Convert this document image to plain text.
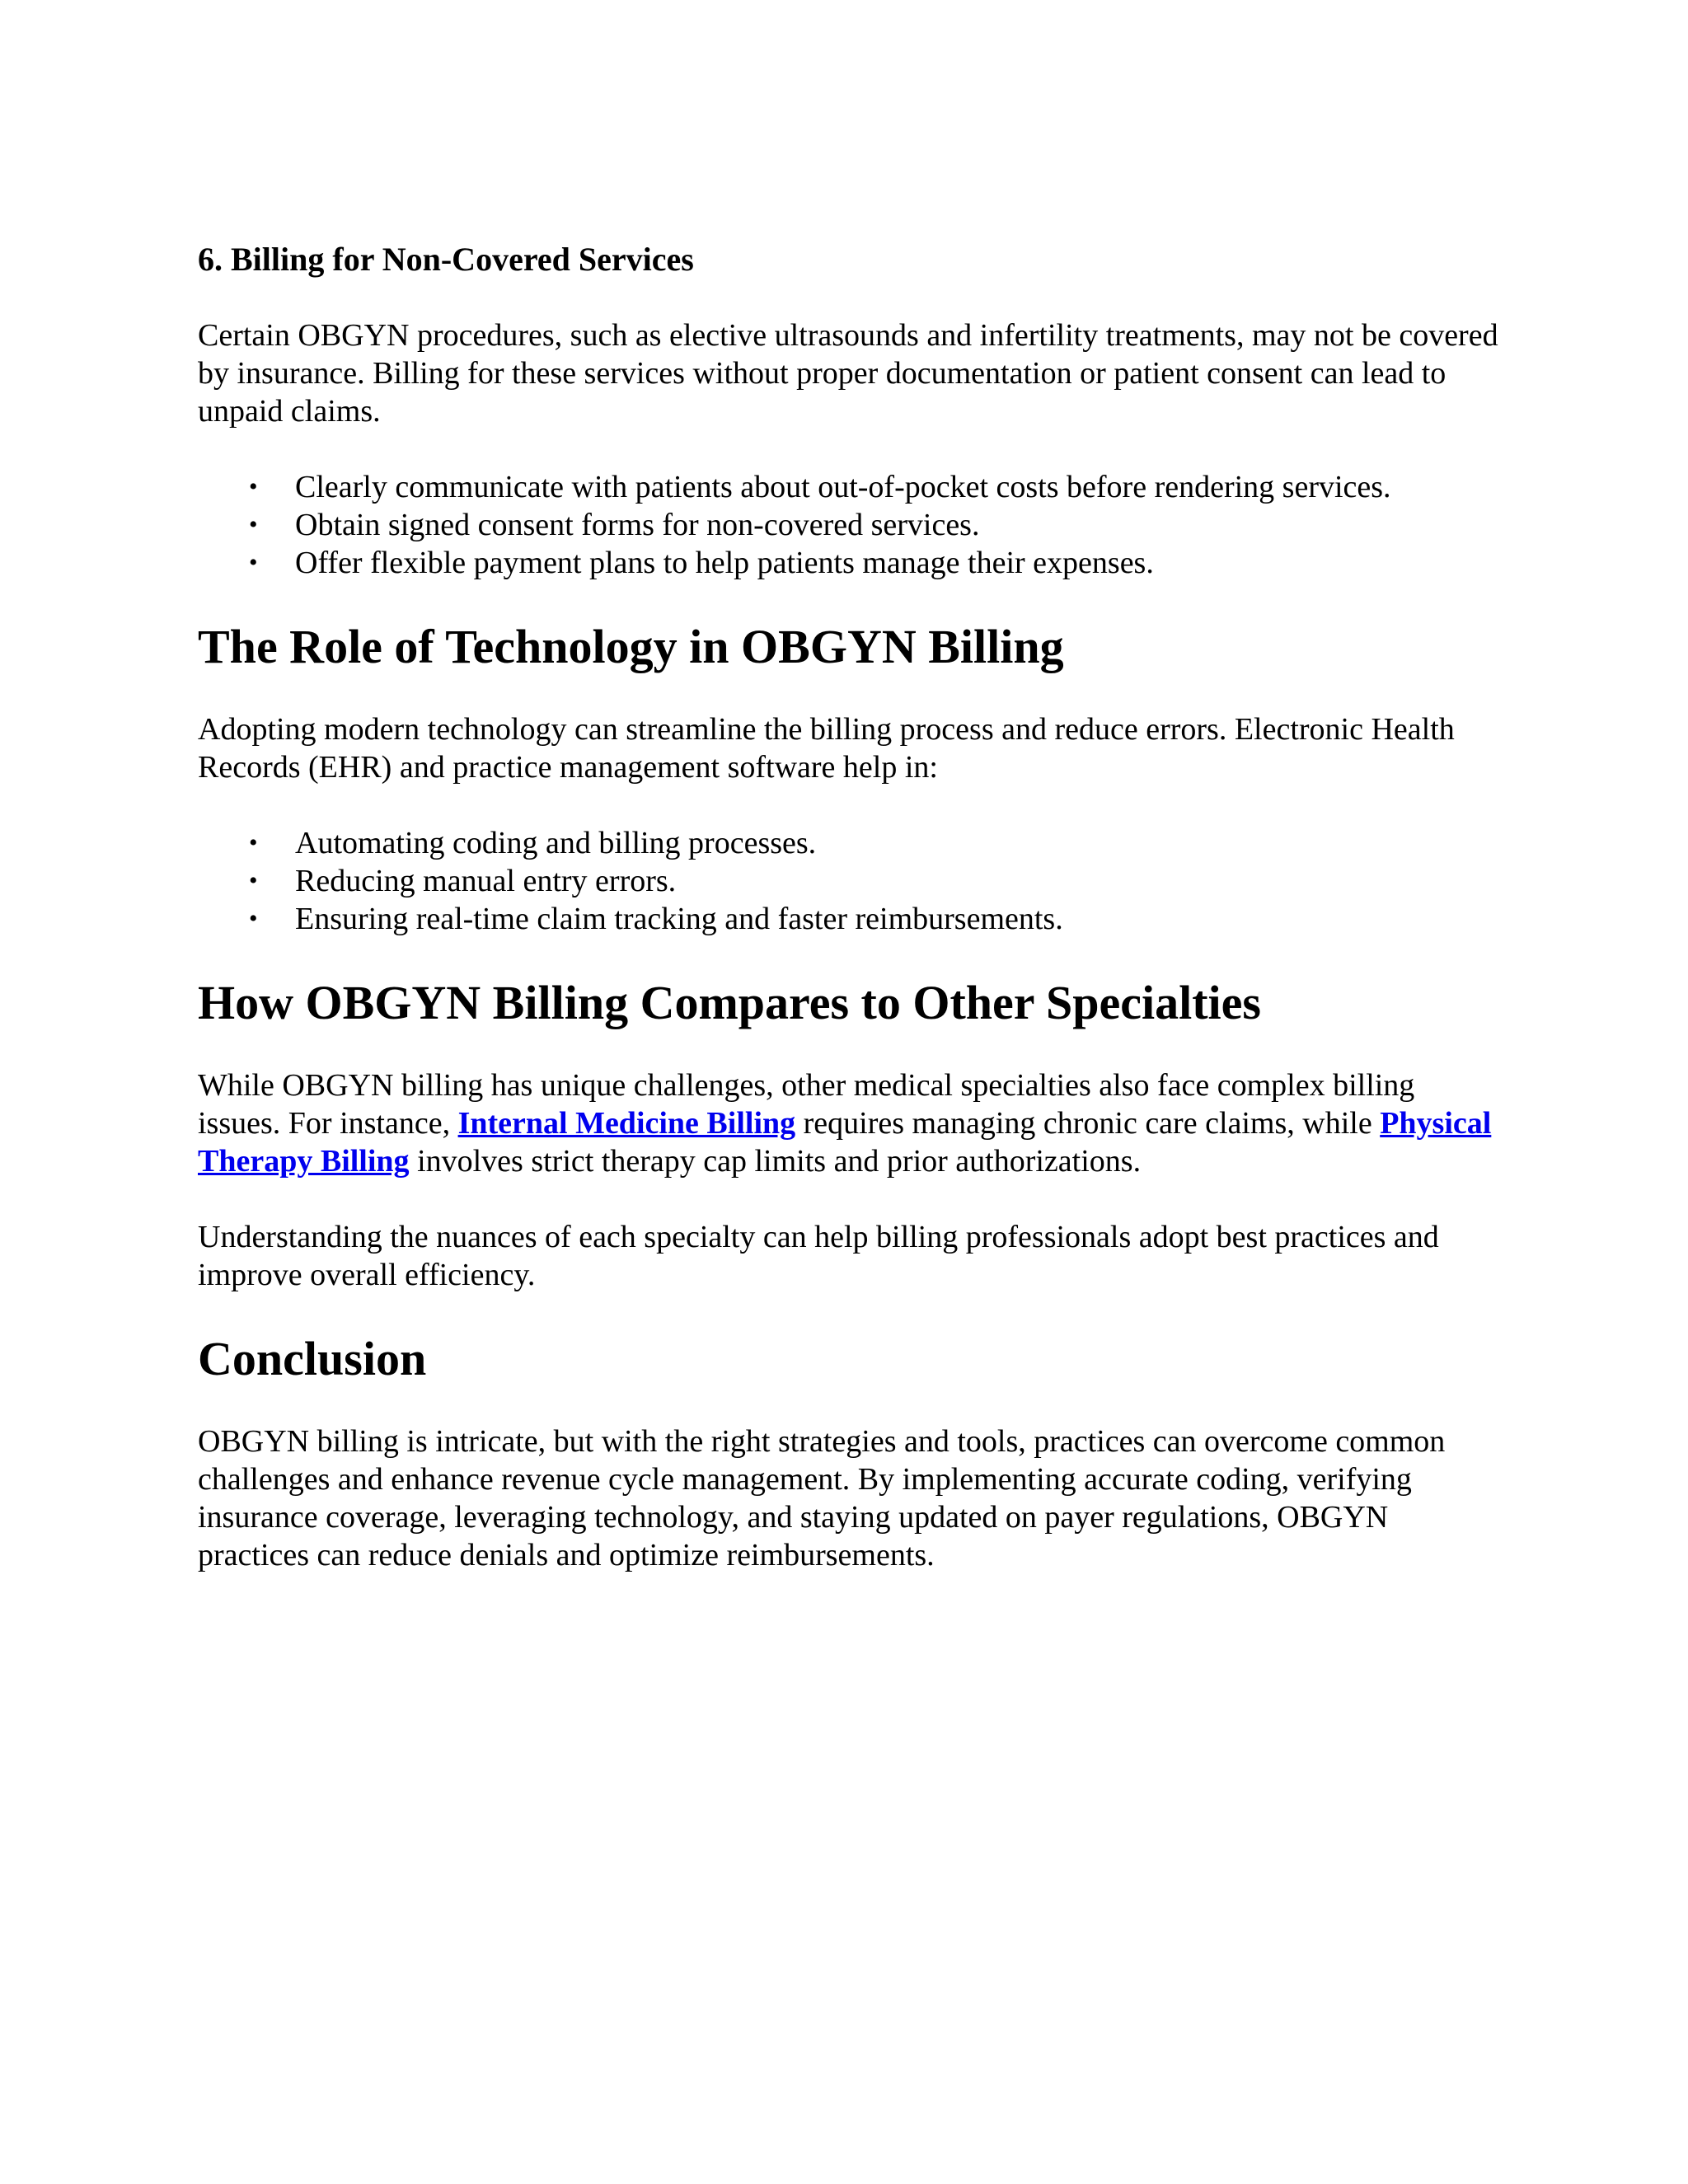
6. Billing for Non-Covered Services

Certain OBGYN procedures, such as elective ultrasounds and infertility treatments, may not be covered by insurance. Billing for these services without proper documentation or patient consent can lead to unpaid claims.

• Clearly communicate with patients about out-of-pocket costs before rendering services.
• Obtain signed consent forms for non-covered services.
• Offer flexible payment plans to help patients manage their expenses.
The Role of Technology in OBGYN Billing

Adopting modern technology can streamline the billing process and reduce errors. Electronic Health Records (EHR) and practice management software help in:

• Automating coding and billing processes.
• Reducing manual entry errors.
• Ensuring real-time claim tracking and faster reimbursements.
How OBGYN Billing Compares to Other Specialties

While OBGYN billing has unique challenges, other medical specialties also face complex billing issues. For instance, Internal Medicine Billing requires managing chronic care claims, while Physical Therapy Billing involves strict therapy cap limits and prior authorizations.

Understanding the nuances of each specialty can help billing professionals adopt best practices and improve overall efficiency.

Conclusion

OBGYN billing is intricate, but with the right strategies and tools, practices can overcome common challenges and enhance revenue cycle management. By implementing accurate coding, verifying insurance coverage, leveraging technology, and staying updated on payer regulations, OBGYN practices can reduce denials and optimize reimbursements.
